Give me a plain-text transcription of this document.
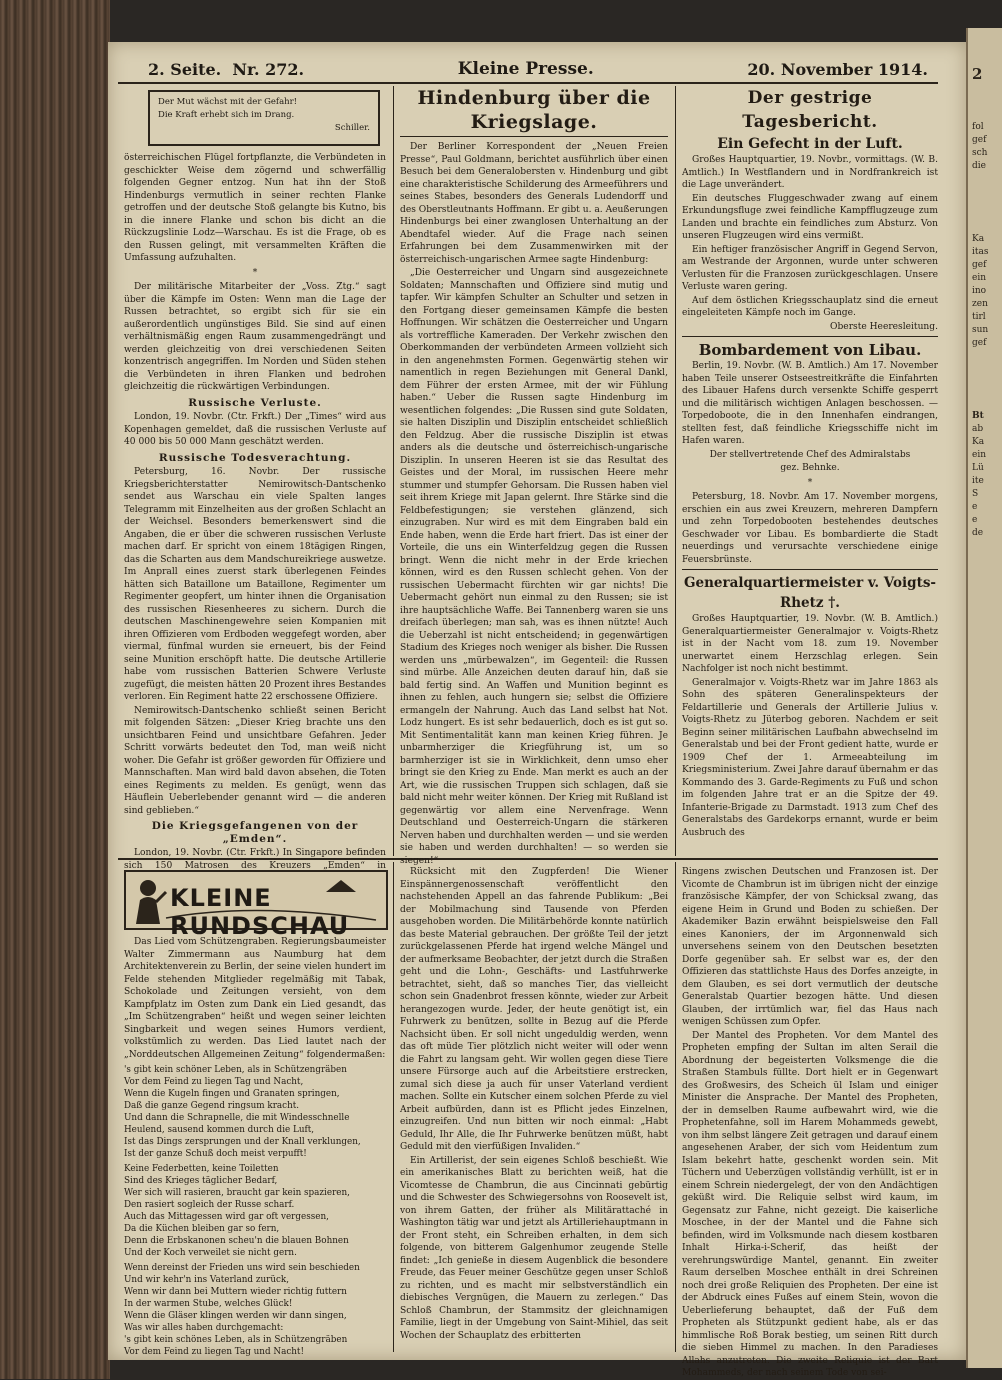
2
fol
gef
sch
die
Ka
itas
gef
ein
ino
zen
tirl
sun
gef
Bt
ab
Ka
ein
Lü
ite
S
e
e
de
2. Seite. Nr. 272.	Kleine Presse.	20. November 1914.
Der Mut wächst mit der Gefahr!
Die Kraft erhebt sich im Drang.
Schiller.

österreichischen Flügel fortpflanzte, die Verbündeten in geschickter Weise dem zögernd und schwerfällig folgenden Gegner entzog. Nun hat ihn der Stoß Hindenburgs vermutlich in seiner rechten Flanke getroffen und der deutsche Stoß gelangte bis Kutno, bis in die innere Flanke und schon bis dicht an die Rückzugslinie Lodz—Warschau. Es ist die Frage, ob es den Russen gelingt, mit versammelten Kräften die Umfassung aufzuhalten.

*

Der militärische Mitarbeiter der „Voss. Ztg.“ sagt über die Kämpfe im Osten: Wenn man die Lage der Russen betrachtet, so ergibt sich für sie ein außerordentlich ungünstiges Bild. Sie sind auf einen verhältnismäßig engen Raum zusammengedrängt und werden gleichzeitig von drei verschiedenen Seiten konzentrisch angegriffen. Im Norden und Süden stehen die Verbündeten in ihren Flanken und bedrohen gleichzeitig die rückwärtigen Verbindungen.

Russische Verluste.

London, 19. Novbr. (Ctr. Frkft.) Der „Times“ wird aus Kopenhagen gemeldet, daß die russischen Verluste auf 40 000 bis 50 000 Mann geschätzt werden.

Russische Todesverachtung.

Petersburg, 16. Novbr. Der russische Kriegsberichterstatter Nemirowitsch-Dantschenko sendet aus Warschau ein viele Spalten langes Telegramm mit Einzelheiten aus der großen Schlacht an der Weichsel. Besonders bemerkenswert sind die Angaben, die er über die schweren russischen Verluste machen darf. Er spricht von einem 18tägigen Ringen, das die Scharten aus dem Mandschureikriege auswetze. Im Anprall eines zuerst stark überlegenen Feindes hätten sich Bataillone um Bataillone, Regimenter um Regimenter geopfert, um hinter ihnen die Organisation des russischen Riesenheeres zu sichern. Durch die deutschen Maschinengewehre seien Kompanien mit ihren Offizieren vom Erdboden weggefegt worden, aber viermal, fünfmal wurden sie erneuert, bis der Feind seine Munition erschöpft hatte. Die deutsche Artillerie habe vom russischen Batterien Schwere Verluste zugefügt, die meisten hätten 20 Prozent ihres Bestandes verloren. Ein Regiment hatte 22 erschossene Offiziere.

Nemirowitsch-Dantschenko schließt seinen Bericht mit folgenden Sätzen: „Dieser Krieg brachte uns den unsichtbaren Feind und unsichtbare Gefahren. Jeder Schritt vorwärts bedeutet den Tod, man weiß nicht woher. Die Gefahr ist größer geworden für Offiziere und Mannschaften. Man wird bald davon absehen, die Toten eines Regiments zu melden. Es genügt, wenn das Häuflein Ueberlebender genannt wird — die anderen sind geblieben.“

Die Kriegsgefangenen von der „Emden“.

London, 19. Novbr. (Ctr. Frkft.) In Singapore befinden sich 150 Matrosen des Kreuzers „Emden“ in

Hindenburg über die Kriegslage.

Der Berliner Korrespondent der „Neuen Freien Presse“, Paul Goldmann, berichtet ausführlich über einen Besuch bei dem Generalobersten v. Hindenburg und gibt eine charakteristische Schilderung des Armeeführers und seines Stabes, besonders des Generals Ludendorff und des Oberstleutnants Hoffmann. Er gibt u. a. Aeußerungen Hindenburgs bei einer zwanglosen Unterhaltung an der Abendtafel wieder. Auf die Frage nach seinen Erfahrungen bei dem Zusammenwirken mit der österreichisch-ungarischen Armee sagte Hindenburg:

„Die Oesterreicher und Ungarn sind ausgezeichnete Soldaten; Mannschaften und Offiziere sind mutig und tapfer. Wir kämpfen Schulter an Schulter und setzen in den Fortgang dieser gemeinsamen Kämpfe die besten Hoffnungen. Wir schätzen die Oesterreicher und Ungarn als vortreffliche Kameraden. Der Verkehr zwischen den Oberkommanden der verbündeten Armeen vollzieht sich in den angenehmsten Formen. Gegenwärtig stehen wir namentlich in regen Beziehungen mit General Dankl, dem Führer der ersten Armee, mit der wir Fühlung haben.“ Ueber die Russen sagte Hindenburg im wesentlichen folgendes: „Die Russen sind gute Soldaten, sie halten Disziplin und Disziplin entscheidet schließlich den Feldzug. Aber die russische Disziplin ist etwas anders als die deutsche und österreichisch-ungarische Disziplin. In unseren Heeren ist sie das Resultat des Geistes und der Moral, im russischen Heere mehr stummer und stumpfer Gehorsam. Die Russen haben viel seit ihrem Kriege mit Japan gelernt. Ihre Stärke sind die Feldbefestigungen; sie verstehen glänzend, sich einzugraben. Nur wird es mit dem Eingraben bald ein Ende haben, wenn die Erde hart friert. Das ist einer der Vorteile, die uns ein Winterfeldzug gegen die Russen bringt. Wenn die nicht mehr in der Erde kriechen können, wird es den Russen schlecht gehen. Von der russischen Uebermacht fürchten wir gar nichts! Die Uebermacht gehört nun einmal zu den Russen; sie ist ihre hauptsächliche Waffe. Bei Tannenberg waren sie uns dreifach überlegen; man sah, was es ihnen nützte! Auch die Ueberzahl ist nicht entscheidend; in gegenwärtigen Stadium des Krieges noch weniger als bisher. Die Russen werden uns „mürbewalzen“, im Gegenteil: die Russen sind mürbe. Alle Anzeichen deuten darauf hin, daß sie bald fertig sind. An Waffen und Munition beginnt es ihnen zu fehlen, auch hungern sie; selbst die Offiziere ermangeln der Nahrung. Auch das Land selbst hat Not. Lodz hungert. Es ist sehr bedauerlich, doch es ist gut so. Mit Sentimentalität kann man keinen Krieg führen. Je unbarmherziger die Kriegführung ist, um so barmherziger ist sie in Wirklichkeit, denn umso eher bringt sie den Krieg zu Ende. Man merkt es auch an der Art, wie die russischen Truppen sich schlagen, daß sie bald nicht mehr weiter können. Der Krieg mit Rußland ist gegenwärtig vor allem eine Nervenfrage. Wenn Deutschland und Oesterreich-Ungarn die stärkeren Nerven haben und durchhalten werden — und sie werden sie haben und werden durchhalten! — so werden sie siegen!“

Der gestrige Tagesbericht.
Ein Gefecht in der Luft.

Großes Hauptquartier, 19. Novbr., vormittags. (W. B. Amtlich.) In Westflandern und in Nordfrankreich ist die Lage unverändert.

Ein deutsches Fluggeschwader zwang auf einem Erkundungsfluge zwei feindliche Kampfflugzeuge zum Landen und brachte ein feindliches zum Absturz. Von unseren Flugzeugen wird eins vermißt.

Ein heftiger französischer Angriff in Gegend Servon, am Westrande der Argonnen, wurde unter schweren Verlusten für die Franzosen zurückgeschlagen. Unsere Verluste waren gering.

Auf dem östlichen Kriegsschauplatz sind die erneut eingeleiteten Kämpfe noch im Gange.

Oberste Heeresleitung.

Bombardement von Libau.

Berlin, 19. Novbr. (W. B. Amtlich.) Am 17. November haben Teile unserer Ostseestreitkräfte die Einfahrten des Libauer Hafens durch versenkte Schiffe gesperrt und die militärisch wichtigen Anlagen beschossen. — Torpedoboote, die in den Innenhafen eindrangen, stellten fest, daß feindliche Kriegsschiffe nicht im Hafen waren.

Der stellvertretende Chef des Admiralstabs

gez. Behnke.

*

Petersburg, 18. Novbr. Am 17. November morgens, erschien ein aus zwei Kreuzern, mehreren Dampfern und zehn Torpedobooten bestehendes deutsches Geschwader vor Libau. Es bombardierte die Stadt neuerdings und verursachte verschiedene einige Feuersbrünste.

Generalquartiermeister v. Voigts-Rhetz †.

Großes Hauptquartier, 19. Novbr. (W. B. Amtlich.) Generalquartiermeister Generalmajor v. Voigts-Rhetz ist in der Nacht vom 18. zum 19. November unerwartet einem Herzschlag erlegen. Sein Nachfolger ist noch nicht bestimmt.

Generalmajor v. Voigts-Rhetz war im Jahre 1863 als Sohn des späteren Generalinspekteurs der Feldartillerie und Generals der Artillerie Julius v. Voigts-Rhetz zu Jüterbog geboren. Nachdem er seit Beginn seiner militärischen Laufbahn abwechselnd im Generalstab und bei der Front gedient hatte, wurde er 1909 Chef der 1. Armeeabteilung im Kriegsministerium. Zwei Jahre darauf übernahm er das Kommando des 3. Garde-Regiments zu Fuß und schon im folgenden Jahre trat er an die Spitze der 49. Infanterie-Brigade zu Darmstadt. 1913 zum Chef des Generalstabs des Gardekorps ernannt, wurde er beim Ausbruch des

KLEINE RUNDSCHAU

Das Lied vom Schützengraben. Regierungsbaumeister Walter Zimmermann aus Naumburg hat dem Architektenverein zu Berlin, der seine vielen hundert im Felde stehenden Mitglieder regelmäßig mit Tabak, Schokolade und Zeitungen versieht, von dem Kampfplatz im Osten zum Dank ein Lied gesandt, das „Im Schützengraben“ heißt und wegen seiner leichten Singbarkeit und wegen seines Humors verdient, volkstümlich zu werden. Das Lied lautet nach der „Norddeutschen Allgemeinen Zeitung“ folgendermaßen:

's gibt kein schöner Leben, als in Schützengräben
Vor dem Feind zu liegen Tag und Nacht,
Wenn die Kugeln fingen und Granaten springen,
Daß die ganze Gegend ringsum kracht.
Und dann die Schrapnelle, die mit Windesschnelle
Heulend, sausend kommen durch die Luft,
Ist das Dings zersprungen und der Knall verklungen,
Ist der ganze Schuß doch meist verpufft!

Keine Federbetten, keine Toiletten
Sind des Krieges täglicher Bedarf,
Wer sich will rasieren, braucht gar kein spazieren,
Den rasiert sogleich der Russe scharf.
Auch das Mittagessen wird gar oft vergessen,
Da die Küchen bleiben gar so fern,
Denn die Erbskanonen scheu'n die blauen Bohnen
Und der Koch verweilet sie nicht gern.

Wenn dereinst der Frieden uns wird sein beschieden
Und wir kehr'n ins Vaterland zurück,
Wenn wir dann bei Muttern wieder richtig futtern
In der warmen Stube, welches Glück!
Wenn die Gläser klingen werden wir dann singen,
Was wir alles haben durchgemacht:
's gibt kein schönes Leben, als in Schützengräben
Vor dem Feind zu liegen Tag und Nacht!

Rücksicht mit den Zugpferden! Die Wiener Einspännergenossenschaft veröffentlicht den nachstehenden Appell an das fahrende Publikum: „Bei der Mobilmachung sind Tausende von Pferden ausgehoben worden. Die Militärbehörde konnte natürlich das beste Material gebrauchen. Der größte Teil der jetzt zurückgelassenen Pferde hat irgend welche Mängel und der aufmerksame Beobachter, der jetzt durch die Straßen geht und die Lohn-, Geschäfts- und Lastfuhrwerke betrachtet, sieht, daß so manches Tier, das vielleicht schon sein Gnadenbrot fressen könnte, wieder zur Arbeit herangezogen wurde. Jeder, der heute genötigt ist, ein Fuhrwerk zu benützen, sollte in Bezug auf die Pferde Nachsicht üben. Er soll nicht ungeduldig werden, wenn das oft müde Tier plötzlich nicht weiter will oder wenn die Fahrt zu langsam geht. Wir wollen gegen diese Tiere unsere Fürsorge auch auf die Arbeitstiere erstrecken, zumal sich diese ja auch für unser Vaterland verdient machen. Sollte ein Kutscher einem solchen Pferde zu viel Arbeit aufbürden, dann ist es Pflicht jedes Einzelnen, einzugreifen. Und nun bitten wir noch einmal: „Habt Geduld, Ihr Alle, die Ihr Fuhrwerke benützen müßt, habt Geduld mit den vierfüßigen Invaliden.“

Ein Artillerist, der sein eigenes Schloß beschießt. Wie ein amerikanisches Blatt zu berichten weiß, hat die Vicomtesse de Chambrun, die aus Cincinnati gebürtig und die Schwester des Schwiegersohns von Roosevelt ist, von ihrem Gatten, der früher als Militärattaché in Washington tätig war und jetzt als Artilleriehauptmann in der Front steht, ein Schreiben erhalten, in dem sich folgende, von bitterem Galgenhumor zeugende Stelle findet: „Ich genieße in diesem Augenblick die besondere Freude, das Feuer meiner Geschütze gegen unser Schloß zu richten, und es macht mir selbstverständlich ein diebisches Vergnügen, die Mauern zu zerlegen.“ Das Schloß Chambrun, der Stammsitz der gleichnamigen Familie, liegt in der Umgebung von Saint-Mihiel, das seit Wochen der Schauplatz des erbitterten

Ringens zwischen Deutschen und Franzosen ist. Der Vicomte de Chambrun ist im übrigen nicht der einzige französische Kämpfer, der von Schicksal zwang, das eigene Heim in Grund und Boden zu schießen. Der Akademiker Bazin erwähnt beispielsweise den Fall eines Kanoniers, der im Argonnenwald sich unversehens seinem von den Deutschen besetzten Dorfe gegenüber sah. Er selbst war es, der den Offizieren das stattlichste Haus des Dorfes anzeigte, in dem Glauben, es sei dort vermutlich der deutsche Generalstab Quartier bezogen hätte. Und diesen Glauben, der irrtümlich war, fiel das Haus nach wenigen Schüssen zum Opfer.

Der Mantel des Propheten. Vor dem Mantel des Propheten empfing der Sultan im alten Serail die Abordnung der begeisterten Volksmenge die die Straßen Stambuls füllte. Dort hielt er in Gegenwart des Großwesirs, des Scheich ül Islam und einiger Minister die Ansprache. Der Mantel des Propheten, der in demselben Raume aufbewahrt wird, wie die Prophetenfahne, soll im Harem Mohammeds gewebt, von ihm selbst längere Zeit getragen und darauf einem angesehenen Araber, der sich vom Heidentum zum Islam bekehrt hatte, geschenkt worden sein. Mit Tüchern und Ueberzügen vollständig verhüllt, ist er in einem Schrein niedergelegt, der von den Andächtigen geküßt wird. Die Reliquie selbst wird kaum, im Gegensatz zur Fahne, nicht gezeigt. Die kaiserliche Moschee, in der der Mantel und die Fahne sich befinden, wird im Volksmunde nach diesem kostbaren Inhalt Hirka-i-Scherif, das heißt der verehrungswürdige Mantel, genannt. Ein zweiter Raum derselben Moschee enthält in drei Schreinen noch drei große Reliquien des Propheten. Der eine ist der Abdruck eines Fußes auf einem Stein, wovon die Ueberlieferung behauptet, daß der Fuß dem Propheten als Stützpunkt gedient habe, als er das himmlische Roß Borak bestieg, um seinen Ritt durch die sieben Himmel zu machen. In den Paradieses Allahs anzutreten. Die zweite Reliquie ist der Bart Mohammeds, der nach seinem Tode von sei-
